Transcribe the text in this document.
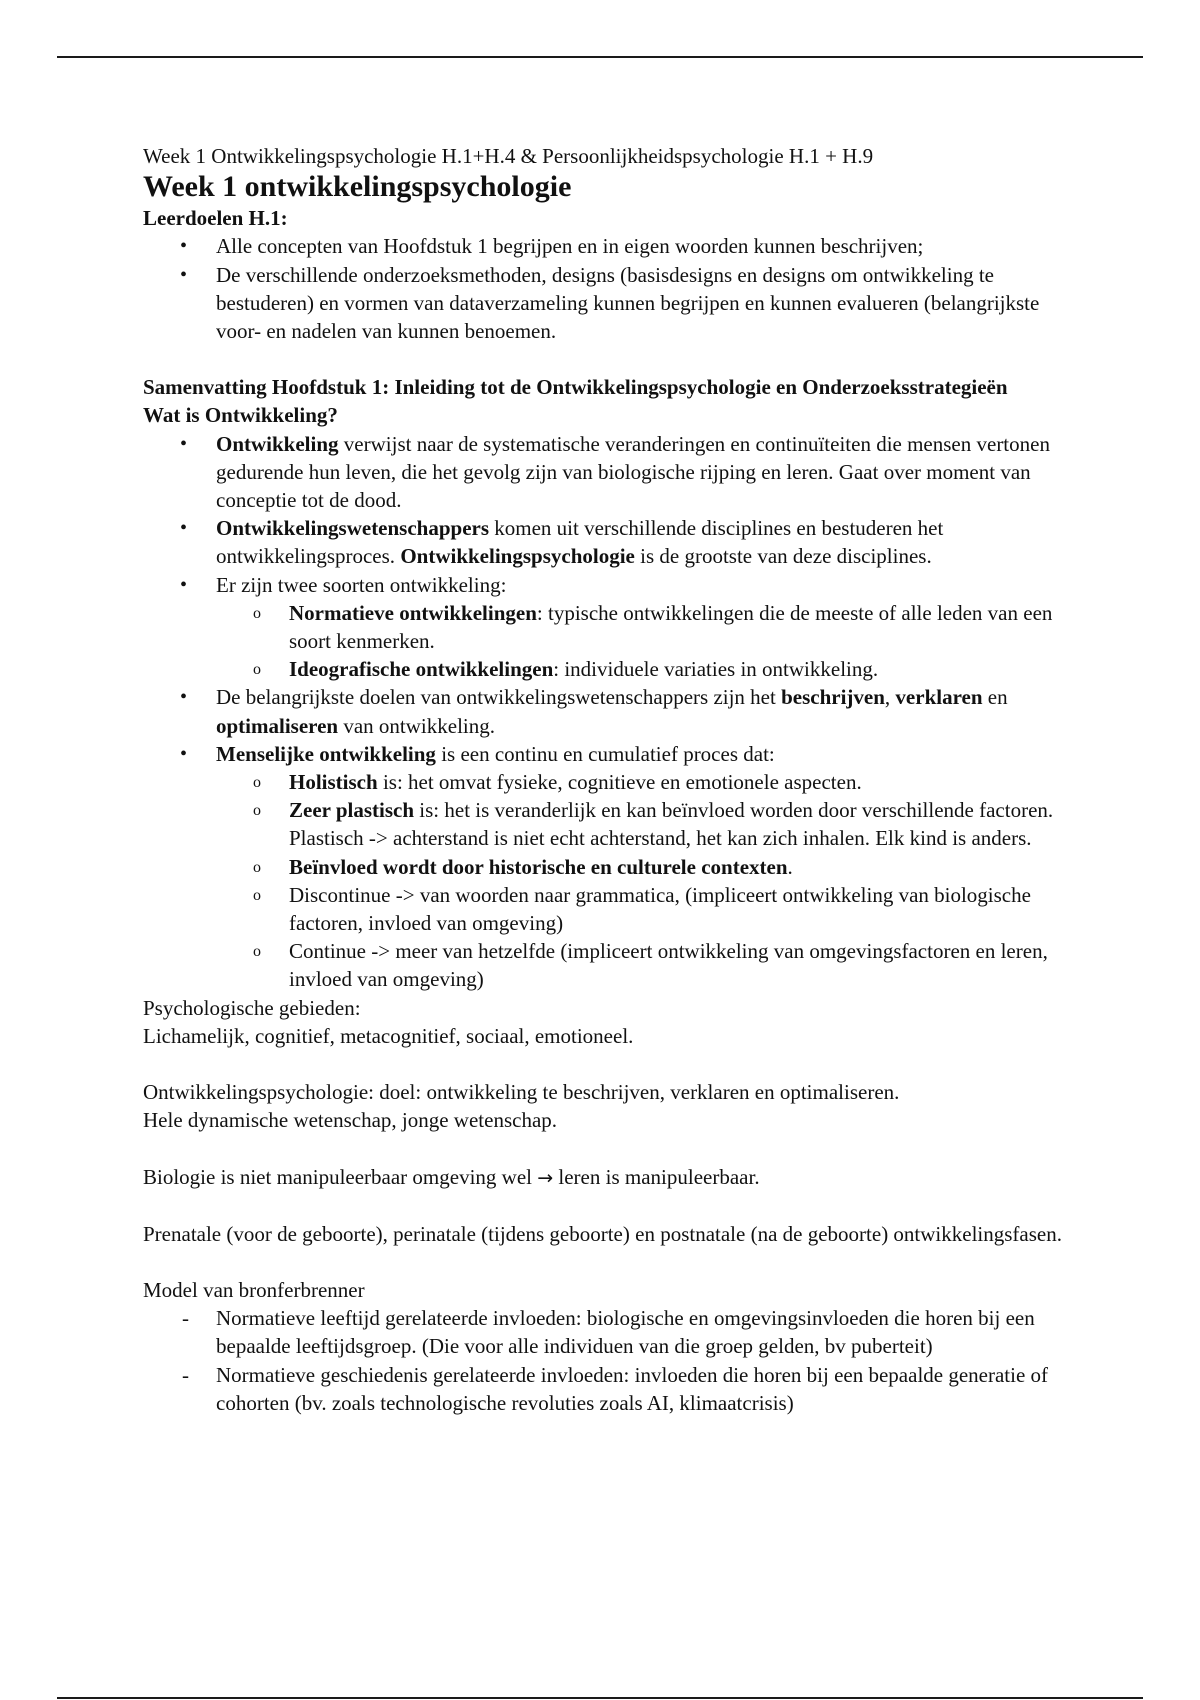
Week 1 Ontwikkelingspsychologie H.1+H.4 & Persoonlijkheidspsychologie H.1 + H.9

Week 1 ontwikkelingspsychologie

Leerdoelen H.1:

• Alle concepten van Hoofdstuk 1 begrijpen en in eigen woorden kunnen beschrijven;
• De verschillende onderzoeksmethoden, designs (basisdesigns en designs om ontwikkeling te bestuderen) en vormen van dataverzameling kunnen begrijpen en kunnen evalueren (belangrijkste voor- en nadelen van kunnen benoemen.

Samenvatting Hoofdstuk 1: Inleiding tot de Ontwikkelingspsychologie en Onderzoeksstrategieën

Wat is Ontwikkeling?

• Ontwikkeling verwijst naar de systematische veranderingen en continuïteiten die mensen vertonen gedurende hun leven, die het gevolg zijn van biologische rijping en leren. Gaat over moment van conceptie tot de dood.
• Ontwikkelingswetenschappers komen uit verschillende disciplines en bestuderen het ontwikkelingsproces. Ontwikkelingspsychologie is de grootste van deze disciplines.
• Er zijn twee soorten ontwikkeling:
o Normatieve ontwikkelingen: typische ontwikkelingen die de meeste of alle leden van een soort kenmerken.
o Ideografische ontwikkelingen: individuele variaties in ontwikkeling.
• De belangrijkste doelen van ontwikkelingswetenschappers zijn het beschrijven, verklaren en optimaliseren van ontwikkeling.
• Menselijke ontwikkeling is een continu en cumulatief proces dat:
o Holistisch is: het omvat fysieke, cognitieve en emotionele aspecten.
o Zeer plastisch is: het is veranderlijk en kan beïnvloed worden door verschillende factoren. Plastisch -> achterstand is niet echt achterstand, het kan zich inhalen. Elk kind is anders.
o Beïnvloed wordt door historische en culturele contexten.
o Discontinue -> van woorden naar grammatica, (impliceert ontwikkeling van biologische factoren, invloed van omgeving)
o Continue -> meer van hetzelfde (impliceert ontwikkeling van omgevingsfactoren en leren, invloed van omgeving)

Psychologische gebieden:

Lichamelijk, cognitief, metacognitief, sociaal, emotioneel.

Ontwikkelingspsychologie: doel: ontwikkeling te beschrijven, verklaren en optimaliseren.

Hele dynamische wetenschap, jonge wetenschap.

Biologie is niet manipuleerbaar omgeving wel → leren is manipuleerbaar.

Prenatale (voor de geboorte), perinatale (tijdens geboorte) en postnatale (na de geboorte) ontwikkelingsfasen.

Model van bronferbrenner

- Normatieve leeftijd gerelateerde invloeden: biologische en omgevingsinvloeden die horen bij een bepaalde leeftijdsgroep. (Die voor alle individuen van die groep gelden, bv puberteit)
- Normatieve geschiedenis gerelateerde invloeden: invloeden die horen bij een bepaalde generatie of cohorten (bv. zoals technologische revoluties zoals AI, klimaatcrisis)
